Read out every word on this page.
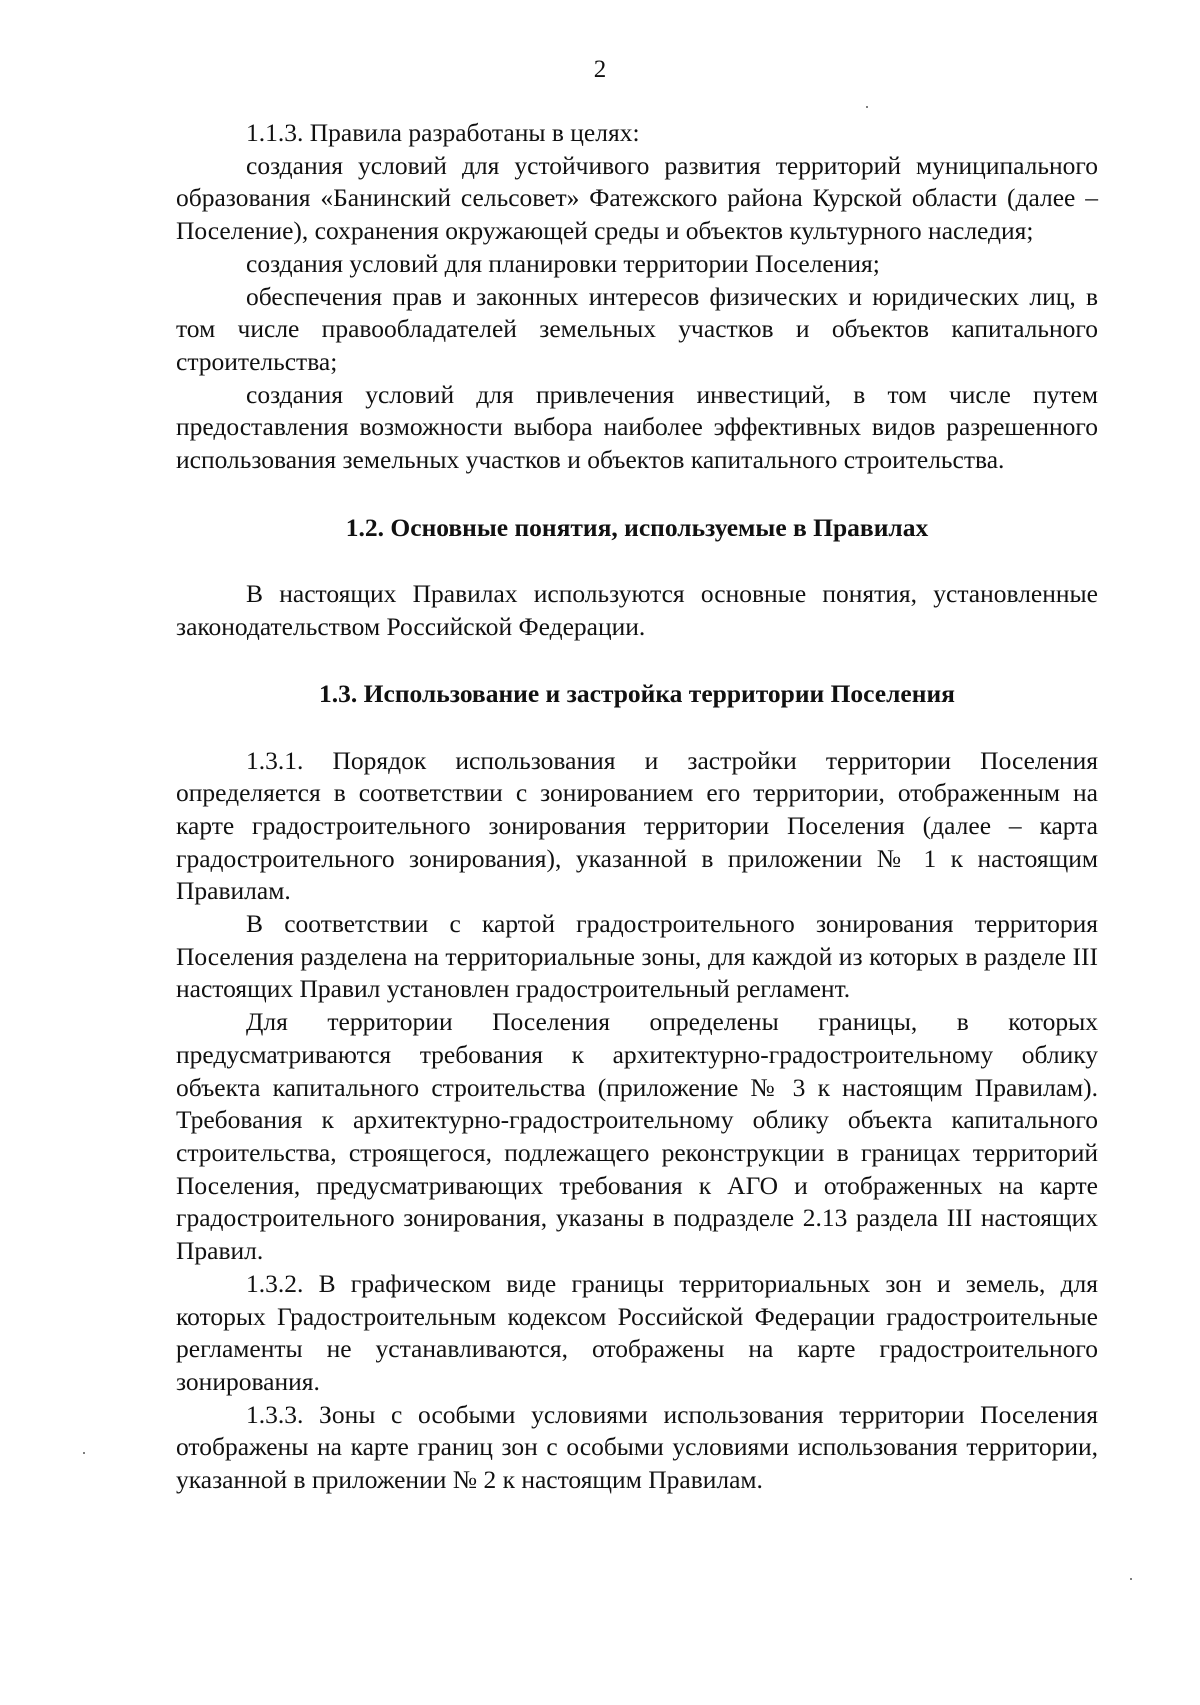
2

1.1.3. Правила разработаны в целях:

создания условий для устойчивого развития территорий муниципального образования «Банинский сельсовет» Фатежского района Курской области (далее – Поселение), сохранения окружающей среды и объектов культурного наследия;

создания условий для планировки территории Поселения;

обеспечения прав и законных интересов физических и юридических лиц, в том числе правообладателей земельных участков и объектов капитального строительства;

создания условий для привлечения инвестиций, в том числе путем предоставления возможности выбора наиболее эффективных видов разрешенного использования земельных участков и объектов капитального строительства.

1.2. Основные понятия, используемые в Правилах

В настоящих Правилах используются основные понятия, установленные законодательством Российской Федерации.

1.3. Использование и застройка территории Поселения

1.3.1. Порядок использования и застройки территории Поселения определяется в соответствии с зонированием его территории, отображенным на карте градостроительного зонирования территории Поселения (далее – карта градостроительного зонирования), указанной в приложении № 1 к настоящим Правилам.

В соответствии с картой градостроительного зонирования территория Поселения разделена на территориальные зоны, для каждой из которых в разделе III настоящих Правил установлен градостроительный регламент.

Для территории Поселения определены границы, в которых предусматриваются требования к архитектурно-градостроительному облику объекта капитального строительства (приложение № 3 к настоящим Правилам). Требования к архитектурно-градостроительному облику объекта капитального строительства, строящегося, подлежащего реконструкции в границах территорий Поселения, предусматривающих требования к АГО и отображенных на карте градостроительного зонирования, указаны в подразделе 2.13 раздела III настоящих Правил.

1.3.2. В графическом виде границы территориальных зон и земель, для которых Градостроительным кодексом Российской Федерации градостроительные регламенты не устанавливаются, отображены на карте градостроительного зонирования.

1.3.3. Зоны с особыми условиями использования территории Поселения отображены на карте границ зон с особыми условиями использования территории, указанной в приложении № 2 к настоящим Правилам.
